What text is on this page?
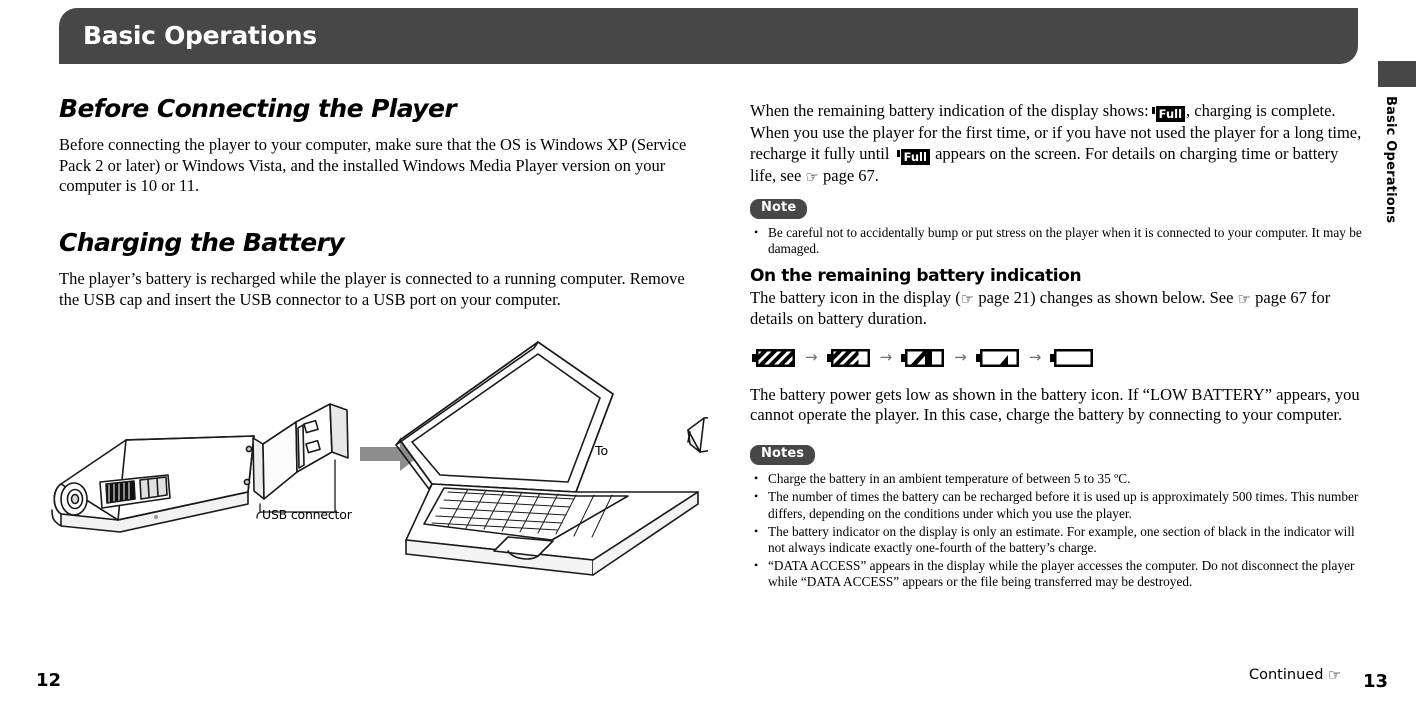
Basic Operations
Basic Operations
Before Connecting the Player

Before connecting the player to your computer, make sure that the OS is Windows XP (Service Pack 2 or later) or Windows Vista, and the installed Windows Media Player version on your computer is 10 or 11.

Charging the Battery

The player’s battery is recharged while the player is connected to a running computer. Remove the USB cap and insert the USB connector to a USB port on your computer.

USB connector
To

When the remaining battery indication of the display shows: Full , charging is complete. When you use the player for the first time, or if you have not used the player for a long time, recharge it fully until Full appears on the screen. For details on charging time or battery life, see ☞ page 67.

Note
• Be careful not to accidentally bump or put stress on the player when it is connected to your computer. It may be damaged.
On the remaining battery indication

The battery icon in the display (☞ page 21) changes as shown below. See ☞ page 67 for details on battery duration.

→	→	→	→

The battery power gets low as shown in the battery icon. If “LOW BATTERY” appears, you cannot operate the player. In this case, charge the battery by connecting to your computer.

Notes
• Charge the battery in an ambient temperature of between 5 to 35 ºC.
• The number of times the battery can be recharged before it is used up is approximately 500 times. This number differs, depending on the conditions under which you use the player.
• The battery indicator on the display is only an estimate. For example, one section of black in the indicator will not always indicate exactly one-fourth of the battery’s charge.
• “DATA ACCESS” appears in the display while the player accesses the computer. Do not disconnect the player while “DATA ACCESS” appears or the file being transferred may be destroyed.
12	Continued ☞ 13
